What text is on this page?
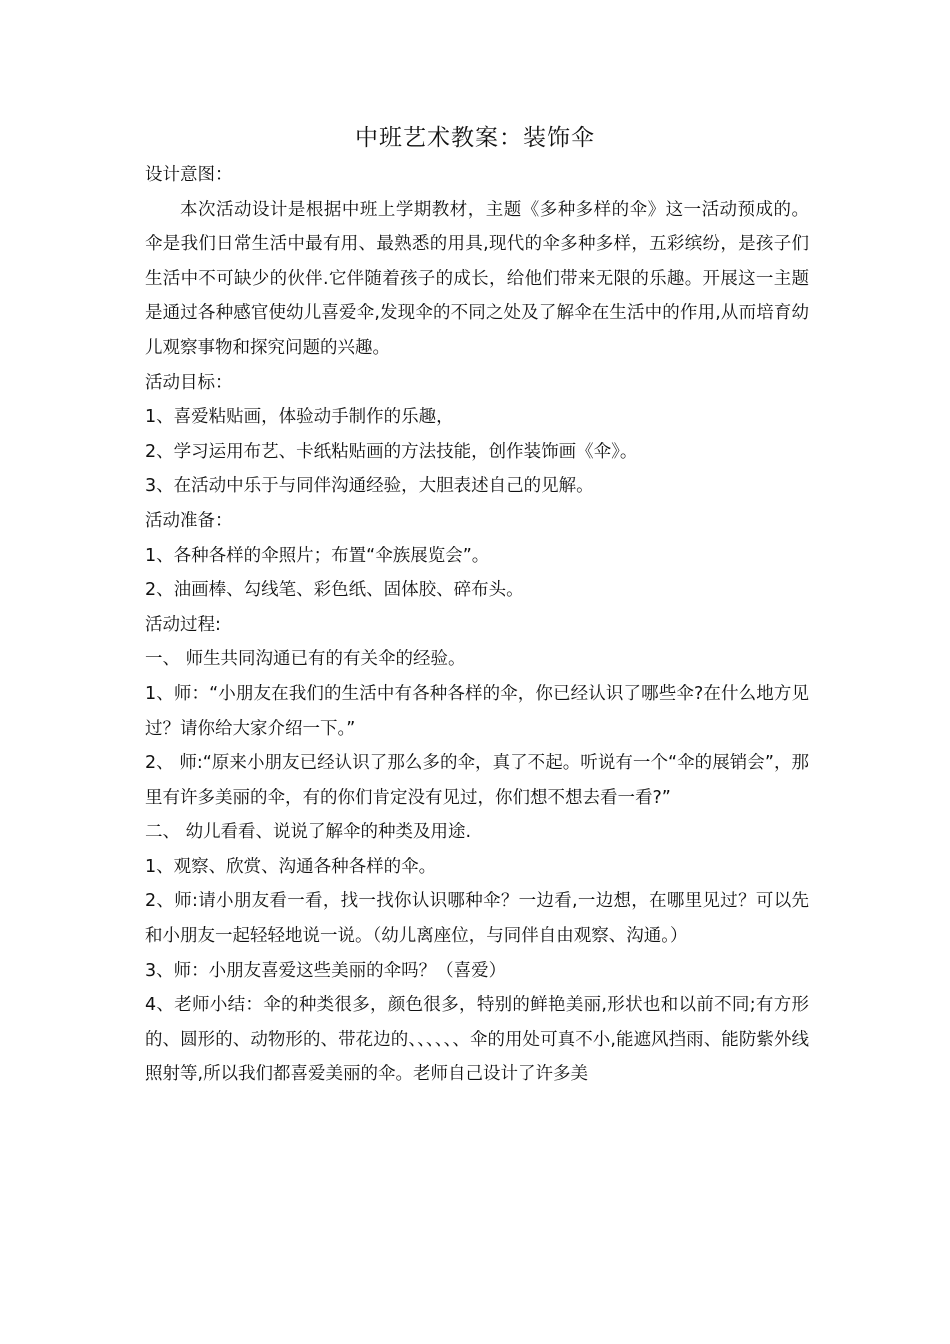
中班艺术教案：装饰伞

设计意图：

本次活动设计是根据中班上学期教材，主题《多种多样的伞》这一活动预成的。伞是我们日常生活中最有用、最熟悉的用具,现代的伞多种多样，五彩缤纷，是孩子们生活中不可缺少的伙伴.它伴随着孩子的成长，给他们带来无限的乐趣。开展这一主题是通过各种感官使幼儿喜爱伞,发现伞的不同之处及了解伞在生活中的作用,从而培育幼儿观察事物和探究问题的兴趣。

活动目标：

1、喜爱粘贴画，体验动手制作的乐趣，

2、学习运用布艺、卡纸粘贴画的方法技能，创作装饰画《伞》。

3、在活动中乐于与同伴沟通经验，大胆表述自己的见解。

活动准备：

1、各种各样的伞照片；布置“伞族展览会”。

2、油画棒、勾线笔、彩色纸、固体胶、碎布头。

活动过程:

一、 师生共同沟通已有的有关伞的经验。

1、师：“小朋友在我们的生活中有各种各样的伞，你已经认识了哪些伞?在什么地方见过？请你给大家介绍一下。”

2、 师:“原来小朋友已经认识了那么多的伞，真了不起。听说有一个“伞的展销会”，那里有许多美丽的伞，有的你们肯定没有见过，你们想不想去看一看?”

二、 幼儿看看、说说了解伞的种类及用途.

1、观察、欣赏、沟通各种各样的伞。

2、师:请小朋友看一看，找一找你认识哪种伞？一边看,一边想，在哪里见过？可以先和小朋友一起轻轻地说一说。（幼儿离座位，与同伴自由观察、沟通。）

3、师：小朋友喜爱这些美丽的伞吗？（喜爱）

4、老师小结：伞的种类很多，颜色很多，特别的鲜艳美丽,形状也和以前不同;有方形的、圆形的、动物形的、带花边的、、、、、、伞的用处可真不小,能遮风挡雨、能防紫外线照射等,所以我们都喜爱美丽的伞。老师自己设计了许多美
